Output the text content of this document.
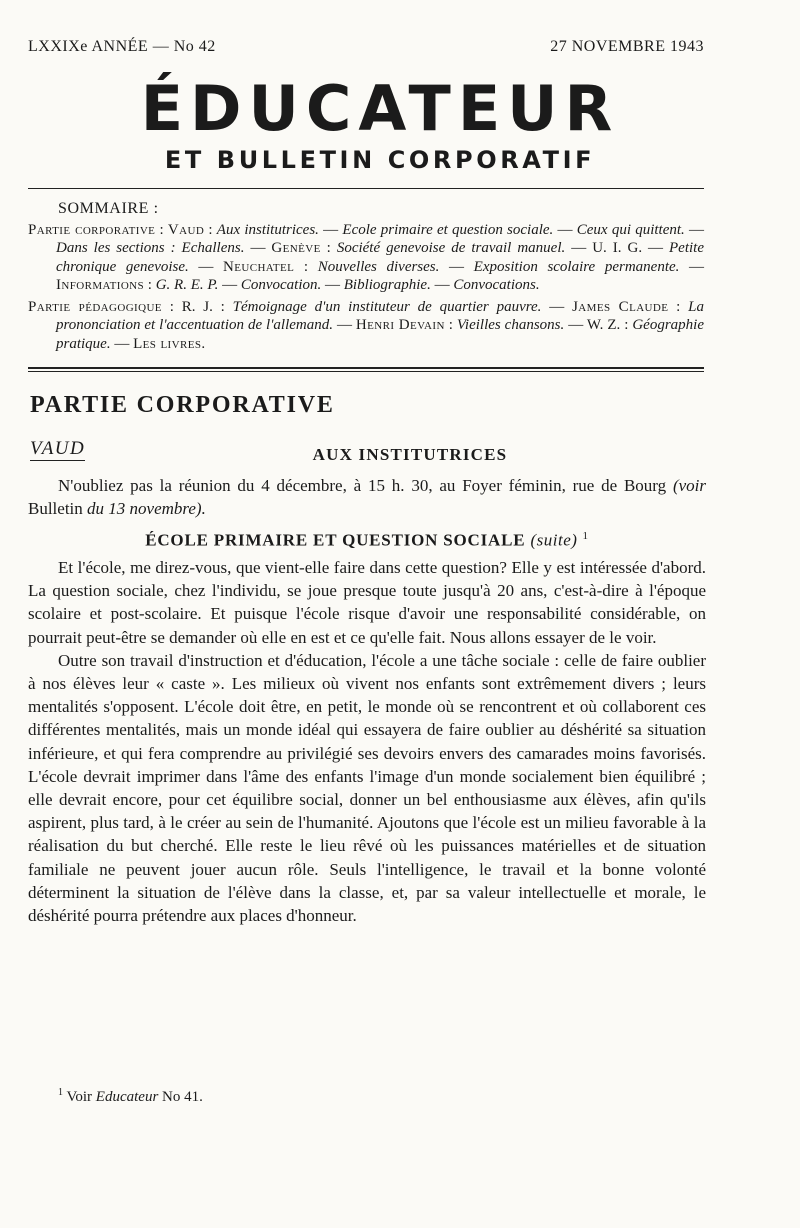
LXXIXe ANNÉE — No 42	27 NOVEMBRE 1943
ÉDUCATEUR
ET BULLETIN CORPORATIF
SOMMAIRE :

Partie corporative : Vaud : Aux institutrices. — Ecole primaire et question sociale. — Ceux qui quittent. — Dans les sections : Echallens. — Genève : Société genevoise de travail manuel. — U. I. G. — Petite chronique genevoise. — Neuchatel : Nouvelles diverses. — Exposition scolaire permanente. — Informations : G. R. E. P. — Convocation. — Bibliographie. — Convocations.

Partie pédagogique : R. J. : Témoignage d'un instituteur de quartier pauvre. — James Claude : La prononciation et l'accentuation de l'allemand. — Henri Devain : Vieilles chansons. — W. Z. : Géographie pratique. — Les livres.

PARTIE CORPORATIVE
VAUD	AUX INSTITUTRICES

N'oubliez pas la réunion du 4 décembre, à 15 h. 30, au Foyer féminin, rue de Bourg (voir Bulletin du 13 novembre).

ÉCOLE PRIMAIRE ET QUESTION SOCIALE (suite) $^1$

Et l'école, me direz-vous, que vient-elle faire dans cette question? Elle y est intéressée d'abord. La question sociale, chez l'individu, se joue presque toute jusqu'à 20 ans, c'est-à-dire à l'époque scolaire et post-scolaire. Et puisque l'école risque d'avoir une responsabilité considérable, on pourrait peut-être se demander où elle en est et ce qu'elle fait. Nous allons essayer de le voir.

Outre son travail d'instruction et d'éducation, l'école a une tâche sociale : celle de faire oublier à nos élèves leur « caste ». Les milieux où vivent nos enfants sont extrêmement divers ; leurs mentalités s'opposent. L'école doit être, en petit, le monde où se rencontrent et où collaborent ces différentes mentalités, mais un monde idéal qui essayera de faire oublier au déshérité sa situation inférieure, et qui fera comprendre au privilégié ses devoirs envers des camarades moins favorisés. L'école devrait imprimer dans l'âme des enfants l'image d'un monde socialement bien équilibré ; elle devrait encore, pour cet équilibre social, donner un bel enthousiasme aux élèves, afin qu'ils aspirent, plus tard, à le créer au sein de l'humanité. Ajoutons que l'école est un milieu favorable à la réalisation du but cherché. Elle reste le lieu rêvé où les puissances matérielles et de situation familiale ne peuvent jouer aucun rôle. Seuls l'intelligence, le travail et la bonne volonté déterminent la situation de l'élève dans la classe, et, par sa valeur intellectuelle et morale, le déshérité pourra prétendre aux places d'honneur.

$^1$ Voir Educateur No 41.
